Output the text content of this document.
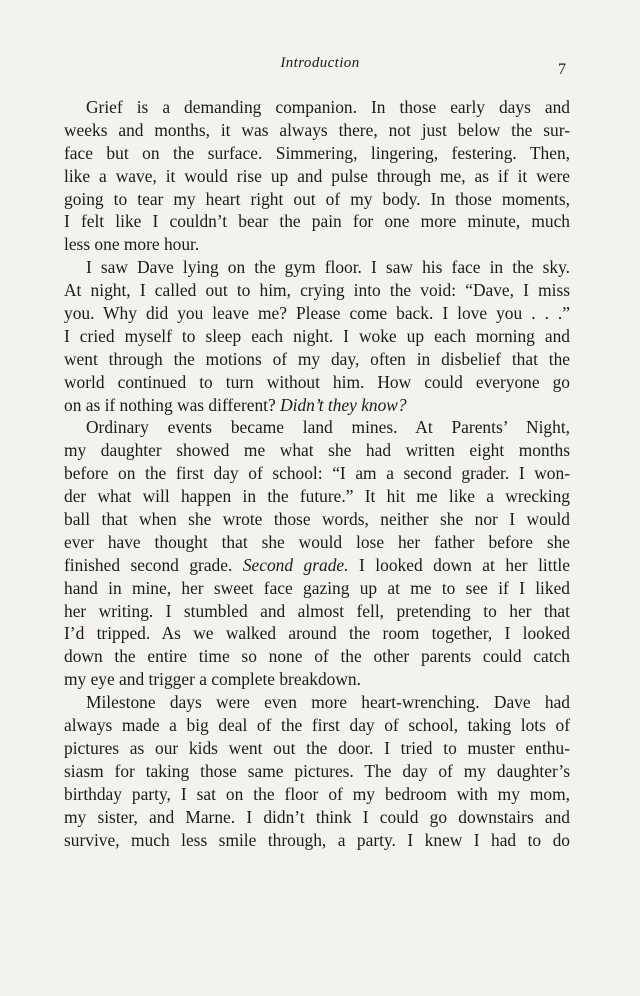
Introduction	7
Grief is a demanding companion. In those early days and
weeks and months, it was always there, not just below the sur-
face but on the surface. Simmering, lingering, festering. Then,
like a wave, it would rise up and pulse through me, as if it were
going to tear my heart right out of my body. In those moments,
I felt like I couldn’t bear the pain for one more minute, much
less one more hour.
I saw Dave lying on the gym floor. I saw his face in the sky.
At night, I called out to him, crying into the void: “Dave, I miss
you. Why did you leave me? Please come back. I love you . . .”
I cried myself to sleep each night. I woke up each morning and
went through the motions of my day, often in disbelief that the
world continued to turn without him. How could everyone go
on as if nothing was different? Didn’t they know?
Ordinary events became land mines. At Parents’ Night,
my daughter showed me what she had written eight months
before on the first day of school: “I am a second grader. I won-
der what will happen in the future.” It hit me like a wrecking
ball that when she wrote those words, neither she nor I would
ever have thought that she would lose her father before she
finished second grade. Second grade. I looked down at her little
hand in mine, her sweet face gazing up at me to see if I liked
her writing. I stumbled and almost fell, pretending to her that
I’d tripped. As we walked around the room together, I looked
down the entire time so none of the other parents could catch
my eye and trigger a complete breakdown.
Milestone days were even more heart-wrenching. Dave had
always made a big deal of the first day of school, taking lots of
pictures as our kids went out the door. I tried to muster enthu-
siasm for taking those same pictures. The day of my daughter’s
birthday party, I sat on the floor of my bedroom with my mom,
my sister, and Marne. I didn’t think I could go downstairs and
survive, much less smile through, a party. I knew I had to do
